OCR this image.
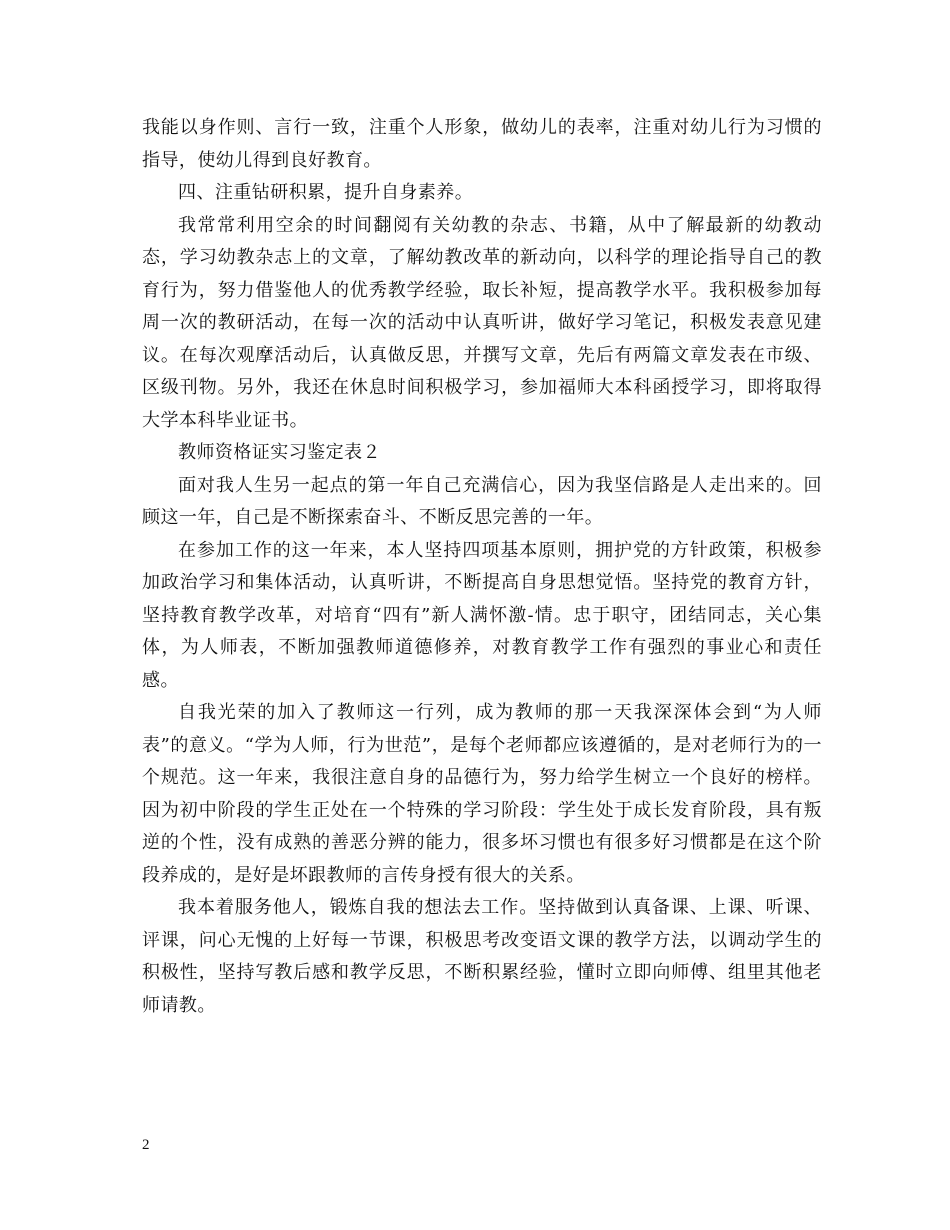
我能以身作则、言行一致，注重个人形象，做幼儿的表率，注重对幼儿行为习惯的指导，使幼儿得到良好教育。

四、注重钻研积累，提升自身素养。

我常常利用空余的时间翻阅有关幼教的杂志、书籍，从中了解最新的幼教动态，学习幼教杂志上的文章，了解幼教改革的新动向，以科学的理论指导自己的教育行为，努力借鉴他人的优秀教学经验，取长补短，提高教学水平。我积极参加每周一次的教研活动，在每一次的活动中认真听讲，做好学习笔记，积极发表意见建议。在每次观摩活动后，认真做反思，并撰写文章，先后有两篇文章发表在市级、区级刊物。另外，我还在休息时间积极学习，参加福师大本科函授学习，即将取得大学本科毕业证书。

教师资格证实习鉴定表２

面对我人生另一起点的第一年自己充满信心，因为我坚信路是人走出来的。回顾这一年，自己是不断探索奋斗、不断反思完善的一年。

在参加工作的这一年来，本人坚持四项基本原则，拥护党的方针政策，积极参加政治学习和集体活动，认真听讲，不断提高自身思想觉悟。坚持党的教育方针，坚持教育教学改革，对培育“四有”新人满怀激-情。忠于职守，团结同志，关心集体，为人师表，不断加强教师道德修养，对教育教学工作有强烈的事业心和责任感。

自我光荣的加入了教师这一行列，成为教师的那一天我深深体会到“为人师表”的意义。“学为人师，行为世范”，是每个老师都应该遵循的，是对老师行为的一个规范。这一年来，我很注意自身的品德行为，努力给学生树立一个良好的榜样。因为初中阶段的学生正处在一个特殊的学习阶段：学生处于成长发育阶段，具有叛逆的个性，没有成熟的善恶分辨的能力，很多坏习惯也有很多好习惯都是在这个阶段养成的，是好是坏跟教师的言传身授有很大的关系。

我本着服务他人，锻炼自我的想法去工作。坚持做到认真备课、上课、听课、评课，问心无愧的上好每一节课，积极思考改变语文课的教学方法，以调动学生的积极性，坚持写教后感和教学反思，不断积累经验，懂时立即向师傅、组里其他老师请教。

2
